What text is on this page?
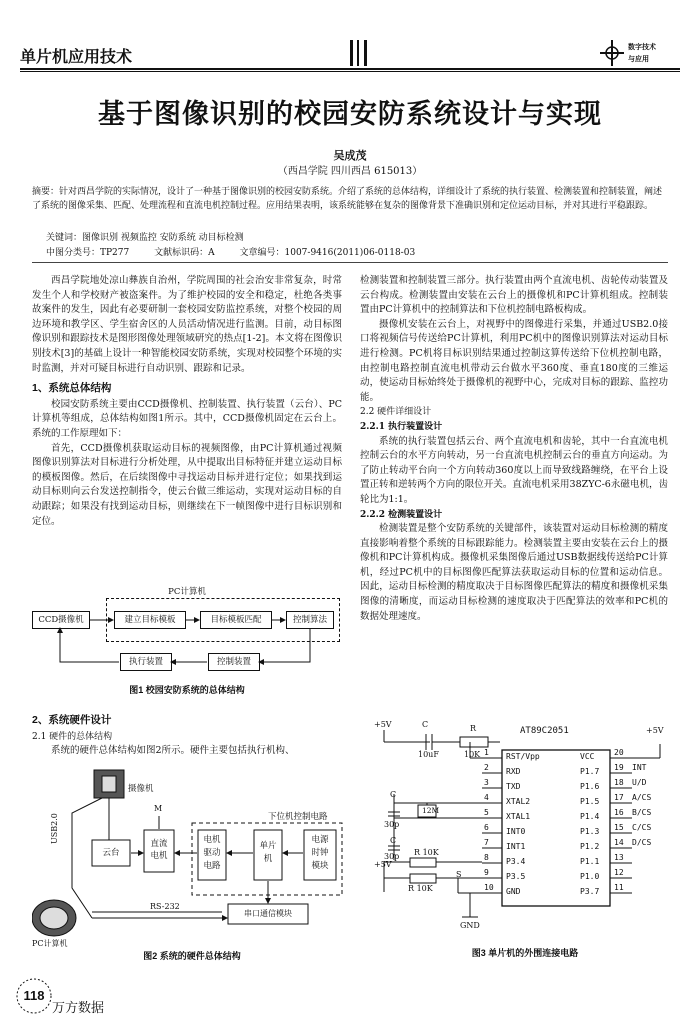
单片机应用技术
数字技术
与应用
基于图像识别的校园安防系统设计与实现
吴成茂
（西昌学院 四川西昌 615013）
摘要：针对西昌学院的实际情况，设计了一种基于图像识别的校园安防系统。介绍了系统的总体结构，详细设计了系统的执行装置、检测装置和控制装置，阐述了系统的图像采集、匹配、处理流程和直流电机控制过程。应用结果表明，该系统能够在复杂的图像背景下准确识别和定位运动目标，并对其进行平稳跟踪。
关键词：图像识别 视频监控 安防系统 动目标检测
中图分类号：TP277	文献标识码：A	文章编号：1007-9416(2011)06-0118-03

西昌学院地处凉山彝族自治州，学院周围的社会治安非常复杂，时常发生个人和学校财产被盗案件。为了维护校园的安全和稳定，杜绝各类事故案件的发生，因此有必要研制一套校园安防监控系统，对整个校园的周边环境和教学区、学生宿舍区的人员活动情况进行监测。目前，动目标图像识别和跟踪技术是图形图像处理领域研究的热点[1-2]。本文将在图像识别技术[3]的基础上设计一种智能校园安防系统，实现对校园整个环境的实时监测，并对可疑目标进行自动识别、跟踪和记录。

1、系统总体结构

校园安防系统主要由CCD摄像机、控制装置、执行装置（云台）、PC计算机等组成，总体结构如图1所示。其中，CCD摄像机固定在云台上。系统的工作原理如下：

首先，CCD摄像机获取运动目标的视频图像，由PC计算机通过视频图像识别算法对目标进行分析处理，从中提取出目标特征并建立运动目标的模板图像。然后，在后续图像中寻找运动目标并进行定位；如果找到运动目标则向云台发送控制指令，使云台做三维运动，实现对运动目标的自动跟踪；如果没有找到运动目标，则继续在下一帧图像中进行目标识别和定位。

PC计算机
CCD摄像机	建立目标模板	目标模板匹配	控制算法
执行装置	控制装置
图1 校园安防系统的总体结构

2、系统硬件设计

2.1 硬件的总体结构

系统的硬件总体结构如图2所示。硬件主要包括执行机构、

摄像机
USB2.0
M
云台
直流
电机
下位机控制电路
电机
驱动
电路
单片
机
电源
时钟
模块
RS-232
串口通信模块
PC计算机
图2 系统的硬件总体结构

检测装置和控制装置三部分。执行装置由两个直流电机、齿轮传动装置及云台构成。检测装置由安装在云台上的摄像机和PC计算机组成。控制装置由PC计算机中的控制算法和下位机控制电路板构成。

摄像机安装在云台上，对视野中的图像进行采集，并通过USB2.0接口将视频信号传送给PC计算机，利用PC机中的图像识别算法对运动目标进行检测。PC机将目标识别结果通过控制这算传送给下位机控制电路，由控制电路控制直流电机带动云台做水平360度、垂直180度的三维运动，使运动目标始终处于摄像机的视野中心，完成对目标的跟踪、监控功能。

2.2 硬件详细设计

2.2.1 执行装置设计

系统的执行装置包括云台、两个直流电机和齿轮，其中一台直流电机控制云台的水平方向转动，另一台直流电机控制云台的垂直方向运动。为了防止转动平台向一个方向转动360度以上而导致线路缠绕，在平台上设置正转和逆转两个方向的限位开关。直流电机采用38ZYC-6永磁电机，齿轮比为1:1。

2.2.2 检测装置设计

检测装置是整个安防系统的关键部件，该装置对运动目标检测的精度直接影响着整个系统的目标跟踪能力。检测装置主要由安装在云台上的摄像机和PC计算机构成。摄像机采集图像后通过USB数据线传送给PC计算机，经过PC机中的目标图像匹配算法获取运动目标的位置和运动信息。因此，运动目标检测的精度取决于目标图像匹配算法的精度和摄像机采集图像的清晰度，而运动目标检测的速度取决于匹配算法的效率和PC机的数据处理速度。

+5V	C
10uF
R
10K
AT89C2051	+5V
C
30p
12M
C
30p
+5V
R 10K
R 10K
S
GND
1 RST/Vpp
2 RXD
3 TXD
4 XTAL2
5 XTAL1
6 INT0
7 INT1
8 P3.4
9 P3.5
10 GND
VCC 20
P1.7 19 INT
P1.6 18 U/D
P1.5 17 A/CS
P1.4 16 B/CS
P1.3 15 C/CS
P1.2 14 D/CS
P1.1 13
P1.0 12
P3.7 11
图3 单片机的外围连接电路
118
万方数据
